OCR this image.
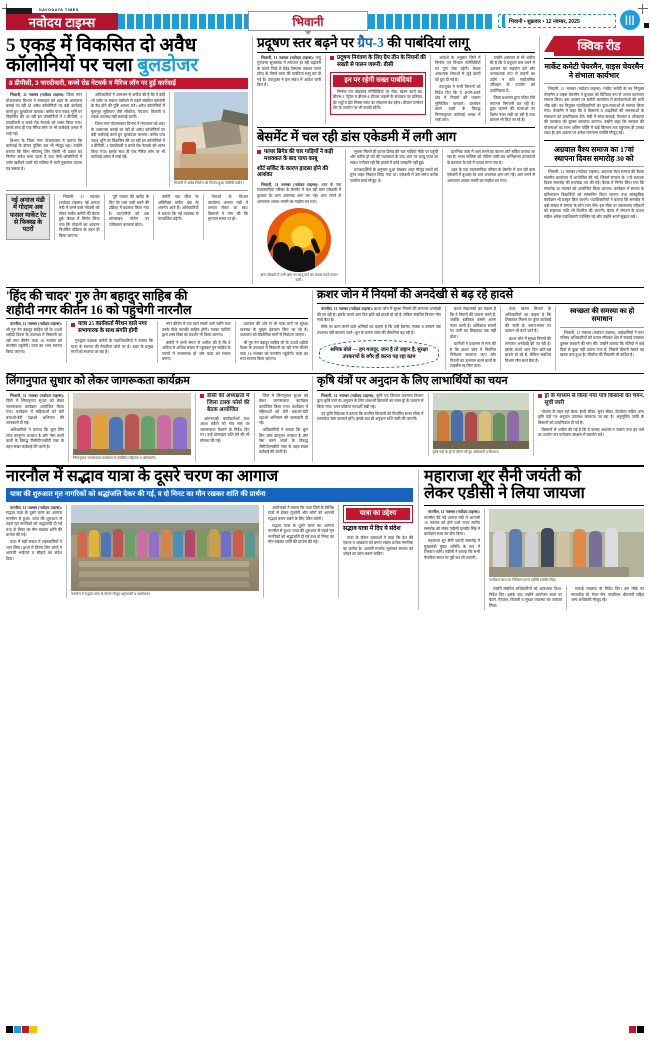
NAVODAYA TIMES
नवोदय टाइम्स	भिवानी	भिवानी • शुक्रवार • 12 नवम्बर, 2025	|||
5 एकड़ में विकसित दो अवैध
कॉलोनियों पर चला बुलडोजर
8 डीपीसी, 3 चारदीवारी, कच्चे रोड नेटवर्क व मैरिज लॉन पर हुई कार्रवाई

भिवानी, 11 नवम्बर (नवोदय टाइम्स): जिला नगर योजनाकार विभाग ने मंगलवार को शहर के आसपास बसाई जा रहीं दो अवैध कॉलोनियों पर बड़ी कार्रवाई करते हुए बुलडोजर चलाया। करीब पांच एकड़ भूमि पर विकसित की जा रहीं इन कॉलोनियों में 8 डीपीसी, 3 चारदीवारी व कच्चे रोड नेटवर्क को ध्वस्त किया गया। इसके साथ ही एक मैरिज लॉन पर भी कार्रवाई अमल में लाई गई।

विभाग के जिला नगर योजनाकार ने बताया कि कार्रवाई के दौरान पुलिस बल भी मौजूद रहा। उन्होंने बताया कि बिना सीएलयू लिए किसी भी प्रकार का निर्माण अवैध माना जाता है तथा ऐसी कॉलोनियों में प्लॉट खरीदने वालों को भविष्य में भारी नुकसान उठाना पड़ सकता है।

अधिकारियों ने आमजन से अपील की है कि वे कोई भी प्लॉट या मकान खरीदने से पहले संबंधित कॉलोनी के वैध होने की पुष्टि अवश्य करें। अवैध कॉलोनियों में मूलभूत सुविधाएं जैसे सीवरेज, पेयजल, बिजली व सड़क उपलब्ध नहीं करवाई जातीं।

जिला नगर योजनाकार विभाग ने मंगलवार को शहर के आसपास बसाई जा रहीं दो अवैध कॉलोनियों पर बड़ी कार्रवाई करते हुए बुलडोजर चलाया। करीब पांच एकड़ भूमि पर विकसित की जा रहीं इन कॉलोनियों में 8 डीपीसी, 3 चारदीवारी व कच्चे रोड नेटवर्क को ध्वस्त किया गया। इसके साथ ही एक मैरिज लॉन पर भी कार्रवाई अमल में लाई गई।

भिवानी में अवैध निर्माण को गिराता हुआ जेसीबी मशीन।
नई अनाज मंडी में गोदाम अब फसल मार्केट रेट से फिक्स्ड के पटरों

भिवानी, 11 नवम्बर (नवोदय टाइम्स): नई अनाज मंडी में बनने वाले गोदामों को लेकर मार्केट कमेटी की बैठक हुई। बैठक में निर्णय लिया गया कि गोदामों का आवंटन निर्धारित प्रक्रिया के तहत ही किया जाएगा।

पूरी फसल की खरीद के लिए गेट पास जारी करने की प्रक्रिया में बदलाव किया गया है। व्यापारियों को अब ऑनलाइन पोर्टल पर पंजीकरण करवाना होगा।

कमेटी नहा फील के अतिरिक्त मार्केट क्षेत्र के अंतर्गत आते हैं। अधिकारियों ने बताया कि नई व्यवस्था से पारदर्शिता बढ़ेगी।

नेताओं के विधान कार्यालय अनाज मंडी में अनाज लेकर जा रहा। किसानों ने मांग की कि भुगतान समय पर हो।

प्रदूषण स्तर बढ़ने पर ग्रैप-3 की पाबंदियां लागू

भिवानी, 11 नवम्बर (नवोदय टाइम्स): वायु गुणवत्ता सूचकांक में लगातार हो रही बढ़ोतरी के चलते जिले में ग्रेडेड रिस्पांस एक्शन प्लान (ग्रैप) के तीसरे चरण की पाबंदियां लागू कर दी गई हैं। उपायुक्त ने इस संबंध में आदेश जारी किए हैं।

प्रदूषण नियंत्रण के लिए ग्रैप तीन के नियमों की सख्ती से पालन जरूरी: डीसी
इन पर रहेगी सख्त पाबंदियां

निर्माण एवं तोड़फोड़ गतिविधियों पर रोक, खनन कार्य बंद, बीएस-3 पेट्रोल व बीएस-4 डीजल वाहनों के संचालन पर प्रतिबंध, ईंट भट्ठों व हॉट मिक्स प्लांट का संचालन बंद रहेगा। डीजल जनरेटर सेट के उपयोग पर भी पाबंदी रहेगी।

आदेशों के अनुसार जिले में निर्माण एवं विध्वंस गतिविधियों पर पूर्ण रोक रहेगी। केवल आवश्यक सेवाओं से जुड़े कार्यों को छूट दी गई है।

उपायुक्त ने सभी विभागों को निर्देश दिए कि वे अपने-अपने क्षेत्र में नियमों की पालना सुनिश्चित करवाएं। उल्लंघन करने वालों के विरुद्ध नियमानुसार कार्रवाई अमल में लाई जाए।

उन्होंने आमजन से भी अपील की है कि वे प्रदूषण कम करने में प्रशासन का सहयोग करें और अनावश्यक रूप से वाहनों का प्रयोग न करें। सार्वजनिक परिवहन के उपयोग को प्राथमिकता दें।

जिला प्रशासन द्वारा गठित टीमें लगातार निगरानी कर रही हैं। कूड़ा जलाने की घटनाओं पर विशेष नजर रखी जा रही है तथा चालान भी किए जा रहे हैं।

बेसमेंट में चल रही डांस एकेडमी में लगी आग
फायर ब्रिगेड की चार गाड़ियों ने कड़ी मशक्कत के बाद पाया काबू
शॉर्ट सर्किट के कारण हादसा होने की आशंका

भिवानी, 11 नवम्बर (नवोदय टाइम्स): शहर के एक व्यावसायिक परिसर के बेसमेंट में चल रही डांस एकेडमी में बुधवार देर शाम अचानक आग लग गई। आग लगने से आसपास अफरा-तफरी का माहौल बन गया।

डांस एकेडमी में लगी आग पर काबू पाने का प्रयास करते फायर कर्मी।

सूचना मिलते ही फायर ब्रिगेड की चार गाड़ियां मौके पर पहुंचीं और करीब दो घंटे की मशक्कत के बाद आग पर काबू पाया जा सका। गनीमत रही कि हादसे में कोई जनहानि नहीं हुई।

प्रत्यक्षदर्शियों के अनुसार धुआं देखकर अंदर मौजूद बच्चों को तुरंत बाहर निकाल लिया गया था। एकेडमी में उस समय करीब चालीस बच्चे मौजूद थे।

प्रारंभिक जांच में आग लगने का कारण शॉर्ट सर्किट बताया जा रहा है। भवन मालिक को नोटिस जारी कर अग्निशमन उपकरणों के इंतजाम के बारे में जवाब मांगा गया है।

शहर के एक व्यावसायिक परिसर के बेसमेंट में चल रही डांस एकेडमी में बुधवार देर शाम अचानक आग लग गई। आग लगने से आसपास अफरा-तफरी का माहौल बन गया।

क्विक रीड
मार्केट कमेटी चेयरमैन, वाइस चेयरमैन ने संभाला कार्यभार

भिवानी, 11 नवम्बर (नवोदय टाइम्स): मार्केट कमेटी के नव नियुक्त चेयरमैन व वाइस चेयरमैन ने बुधवार को विधिवत रूप से अपना कार्यभार संभाल लिया। इस अवसर पर कमेटी कार्यालय में कार्यकर्ताओं की भारी भीड़ रही। नव नियुक्त पदाधिकारियों का फूल-मालाओं से स्वागत किया गया। चेयरमैन ने कहा कि वे किसानों व आढ़तियों की समस्याओं के समाधान को प्राथमिकता देंगे। मंडी में साफ-सफाई, पेयजल व शौचालय की व्यवस्था को दुरुस्त करवाया जाएगा। उन्होंने कहा कि सरकार की योजनाओं का लाभ अंतिम पंक्ति में खड़े किसान तक पहुंचाना ही उनका लक्ष्य है। इस अवसर पर अनेक गणमान्य व्यक्ति मौजूद रहे।

अग्रवाल वैश्य समाज का 17वां स्थापना दिवस समारोह 30 को

भिवानी, 11 नवम्बर (नवोदय टाइम्स): अग्रवाल वैश्य समाज की बैठक स्थानीय कार्यालय में आयोजित की गई, जिसमें संगठन के 17वें स्थापना दिवस समारोह की रूपरेखा तय की गई। बैठक में निर्णय लिया गया कि समारोह 30 नवम्बर को आयोजित किया जाएगा। कार्यक्रम में समाज के प्रतिभावान विद्यार्थियों को सम्मानित किया जाएगा तथा सांस्कृतिक कार्यक्रम भी प्रस्तुत किए जाएंगे। पदाधिकारियों ने बताया कि समारोह में बड़ी संख्या में समाज के लोग भाग लेंगे। इस मौके पर जरूरतमंद परिवारों को सहायता राशि भी वितरित की जाएगी। बैठक में संगठन के प्रधान सहित अनेक पदाधिकारी उपस्थित रहे और उन्होंने अपने सुझाव रखे।

'हिंद की चादर' गुरु तेग बहादुर साहिब की
शहीदी नगर कीर्तन 16 को पहुंचेगी नारनौल

नारनौल, 11 नवम्बर (नवोदय टाइम्स): श्री गुरु तेग बहादुर साहिब जी के 350वें शहीदी दिवस के उपलक्ष्य में निकाली जा रही नगर कीर्तन यात्रा 16 नवम्बर को नारनौल पहुंचेगी। यात्रा का भव्य स्वागत किया जाएगा।

यात्रा 25 कार्यकर्ता मैरेथन वाले नगर सभागारक के साथ संगति होगी

गुरुद्वारा प्रबंधक कमेटी के पदाधिकारियों ने बताया कि यात्रा के स्वागत की तैयारियां जोरों पर हैं। शहर के प्रमुख मार्गों को सजाया जा रहा है।

नगर कीर्तन में पंज प्यारे सबसे आगे चलेंगे तथा उनके पीछे पालकी साहिब होगी। गतका पार्टियों द्वारा शस्त्र विद्या का प्रदर्शन भी किया जाएगा।

कमेटी ने सभी संगत से अपील की है कि वे अधिक से अधिक संख्या में पहुंचकर गुरु साहिब के चरणों में नतमस्तक हों और यात्रा को सफल बनाएं।

प्रशासन की ओर से भी यात्रा मार्ग पर सुरक्षा व्यवस्था के पुख्ता इंतजाम किए जा रहे हैं। यातायात को वैकल्पिक मार्गों से निकाला जाएगा।

श्री गुरु तेग बहादुर साहिब जी के 350वें शहीदी दिवस के उपलक्ष्य में निकाली जा रही नगर कीर्तन यात्रा 16 नवम्बर को नारनौल पहुंचेगी। यात्रा का भव्य स्वागत किया जाएगा।

क्रशर जोन में नियमों की अनदेखी से बढ़ रहे हादसे

नारनौल, 11 नवम्बर (नवोदय टाइम्स): क्रशर जोन में सुरक्षा नियमों की लगातार अनदेखी की जा रही है। इसके चलते आए दिन छोटे-बड़े हादसे हो रहे हैं, लेकिन संबंधित विभाग मौन साधे बैठा है।

मौके पर काम करने वाले श्रमिकों का कहना है कि उन्हें हेलमेट, मास्क व दस्ताने तक उपलब्ध नहीं करवाए जाते। धूल के कारण सांस की बीमारियां बढ़ रही हैं।

श्रमिक बोले — हम मजदूर, जान है तो जहान है, सुरक्षा उपकरणों के बगैर ही करना पड़ रहा काम

क्रशर संचालकों का कहना है कि वे नियमों की पालना करते हैं, जबकि हकीकत इससे अलग नजर आती है। अधिकांश स्थानों पर पानी का छिड़काव तक नहीं होता।

ग्रामीणों ने प्रशासन से मांग की है कि क्रशर जोन में नियमित निरीक्षण करवाया जाए और नियमों का उल्लंघन करने वालों के लाइसेंस रद्द किए जाएं।

उधर, खनन विभाग के अधिकारियों का कहना है कि शिकायत मिलने पर तुरंत कार्रवाई की जाती है। समय-समय पर चालान भी काटे जाते हैं।

क्रशर जोन में सुरक्षा नियमों की लगातार अनदेखी की जा रही है। इसके चलते आए दिन छोटे-बड़े हादसे हो रहे हैं, लेकिन संबंधित विभाग मौन साधे बैठा है।

स्वच्छता की समस्या का हो समाधान

भिवानी, 11 नवम्बर (नवोदय टाइम्स): वार्डवासियों ने नगर परिषद अधिकारियों को ज्ञापन सौंपकर क्षेत्र में सफाई व्यवस्था दुरुस्त करवाने की मांग की। उन्होंने बताया कि गलियों में कई दिनों से कूड़ा नहीं उठाया गया है, जिससे बीमारी फैलने का खतरा बना हुआ है। सीवरेज की निकासी भी बाधित है।

लिंगानुपात सुधार को लेकर जागरूकता कार्यक्रम

भिवानी, 11 नवम्बर (नवोदय टाइम्स): जिले में लिंगानुपात सुधार को लेकर जागरूकता कार्यक्रम आयोजित किया गया। कार्यक्रम में महिलाओं को बेटी बचाओ-बेटी पढ़ाओ अभियान की जानकारी दी गई।

अधिकारियों ने बताया कि भ्रूण लिंग जांच कानूनन अपराध है और ऐसा करने वालों के विरुद्ध पीसीपीएनडीटी एक्ट के तहत सख्त कार्रवाई की जाती है।

लिंगानुपात जागरूकता कार्यक्रम में उपस्थित महिलाएं व अधिकारी।
डीसी की अध्यक्षता में जिला टास्क फोर्स की बैठक आयोजित

आंगनवाड़ी कार्यकर्ताओं तथा आशा वर्करों को गांव स्तर पर जागरूकता फैलाने के निर्देश दिए गए। उन्हें प्रोत्साहन राशि देने की भी घोषणा की गई।

जिले में लिंगानुपात सुधार को लेकर जागरूकता कार्यक्रम आयोजित किया गया। कार्यक्रम में महिलाओं को बेटी बचाओ-बेटी पढ़ाओ अभियान की जानकारी दी गई।

अधिकारियों ने बताया कि भ्रूण लिंग जांच कानूनन अपराध है और ऐसा करने वालों के विरुद्ध पीसीपीएनडीटी एक्ट के तहत सख्त कार्रवाई की जाती है।

कृषि यंत्रों पर अनुदान के लिए लाभार्थियों का चयन

भिवानी, 11 नवम्बर (नवोदय टाइम्स): कृषि एवं किसान कल्याण विभाग द्वारा कृषि यंत्रों पर अनुदान के लिए लाभार्थी किसानों का चयन ड्रॉ के माध्यम से किया गया। चयन प्रक्रिया पारदर्शी रखी गई।

उप कृषि निदेशक ने बताया कि चयनित किसानों को निर्धारित समय सीमा में दस्तावेज जमा करवाने होंगे। इसके बाद ही अनुदान राशि जारी की जाएगी।

कृषि यंत्रों के ड्रॉ के दौरान मौजूद अधिकारी व किसान।
ड्रॉ के माध्यम से किया गया पात्र किसानों का चयन, सूची जारी

योजना के तहत स्ट्रॉ बेलर, हैप्पी सीडर, सुपर सीडर, रोटावेटर सहित अन्य कृषि यंत्रों पर अनुदान उपलब्ध करवाया जा रहा है। अनुसूचित जाति के किसानों को प्राथमिकता दी गई है।

किसानों से अपील की गई है कि वे फसल अवशेष न जलाएं तथा इन यंत्रों का उपयोग कर पर्यावरण संरक्षण में सहयोग करें।

नारनौल में सद्भाव यात्रा के दूसरे चरण का आगाज
यात्रा की शुरुआत मृत नागरिकों को श्रद्धांजलि देकर की गई, व दो मिनट का मौन रखकर शांति की प्रार्थना

नारनौल, 11 नवम्बर (नवोदय टाइम्स): सद्भाव यात्रा के दूसरे चरण का आगाज नारनौल से हुआ। यात्रा की शुरुआत से पहले मृत नागरिकों को श्रद्धांजलि दी गई तथा दो मिनट का मौन रखकर शांति की प्रार्थना की गई।

यात्रा में बड़ी संख्या में शहरवासियों ने भाग लिया। हाथों में तिरंगा लिए लोगों ने आपसी भाईचारे व सौहार्द का संदेश दिया।

नारनौल में सद्भाव यात्रा के दौरान मौजूद शहरवासी व आयोजक।

आयोजकों ने बताया कि यात्रा जिले के विभिन्न गांवों से होकर गुजरेगी और लोगों को आपसी सद्भाव बनाए रखने के लिए प्रेरित करेगी।

सद्भाव यात्रा के दूसरे चरण का आगाज नारनौल से हुआ। यात्रा की शुरुआत से पहले मृत नागरिकों को श्रद्धांजलि दी गई तथा दो मिनट का मौन रखकर शांति की प्रार्थना की गई।

यात्रा का उद्देश्य
सद्भाव यात्रा में दिए ये संदेश

यात्रा के दौरान वक्ताओं ने कहा कि देश की एकता व अखंडता को बनाए रखना प्रत्येक नागरिक का कर्तव्य है। आपसी मतभेद भुलाकर समाज को जोड़ने का काम करना चाहिए।

महाराजा शूर सैनी जयंती को
लेकर एडीसी ने लिया जायजा

नारनौल, 11 नवम्बर (नवोदय टाइम्स): नारनौल की नई अनाज मंडी में आगामी 16 नवम्बर को होने वाले राज्य स्तरीय समारोह को लेकर एडीसी दलबीर सिंह ने कार्यक्रम स्थल का दौरा किया।

महाराजा शूर सैनी जयंती समारोह में मुख्यमंत्री मुख्य अतिथि के रूप में शिरकत करेंगे। एडीसी ने बताया कि सभी तैयारियां समय पर पूरी कर ली जाएंगी।

कार्यक्रम स्थल का निरीक्षण करते एडीसी दलबीर सिंह।

उन्होंने संबंधित अधिकारियों को आवश्यक दिशा-निर्देश दिए। इसके बाद उन्होंने आयोजन स्थल पर बैठने, पेयजल, बिजली व सुरक्षा व्यवस्था का जायजा लिया।

सफाई व्यवस्था के निर्देश दिए। इस मौके पर नगराधीश डॉ. मेजर सेन, एसडीएम, डीएसपी सहित अन्य अधिकारी मौजूद रहे।
